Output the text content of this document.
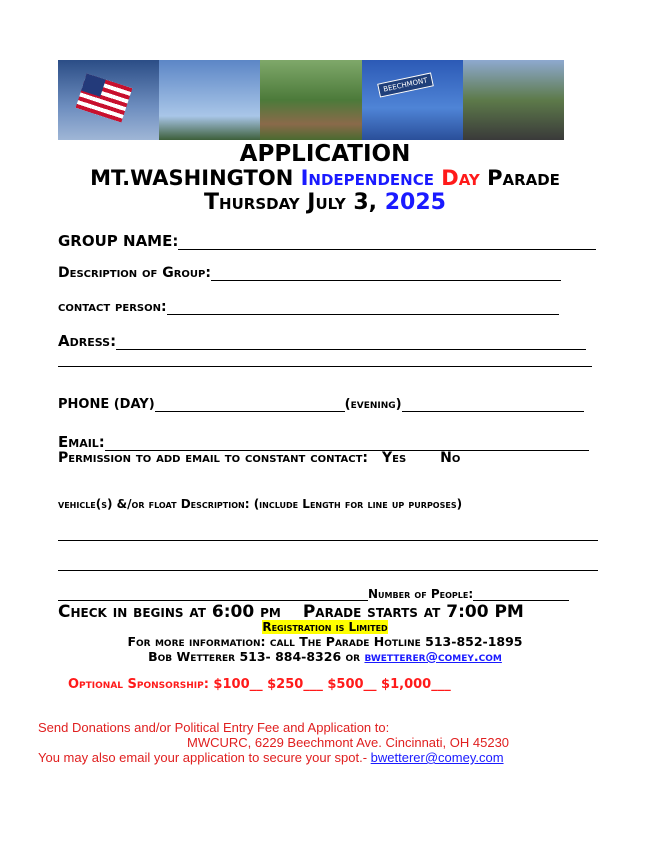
BEECHMONT
APPLICATION
MT.WASHINGTON Independence Day Parade
Thursday July 3, 2025
GROUP NAME:
Description of Group:
contact person:
Adress:
PHONE (DAY)	(evening)
Email:
Permission to add email to constant contact: Yes No
vehicle(s) &/or float Description: (include Length for line up purposes)
Number of People:
Check in begins at 6:00 pm Parade starts at 7:00 PM
Registration is Limited
For more information: call The Parade Hotline 513-852-1895
Bob Wetterer 513- 884-8326 or bwetterer@comey.com
Optional Sponsorship: $100__ $250___ $500__ $1,000___
Send Donations and/or Political Entry Fee and Application to:
MWCURC, 6229 Beechmont Ave. Cincinnati, OH 45230
You may also email your application to secure your spot.- bwetterer@comey.com
